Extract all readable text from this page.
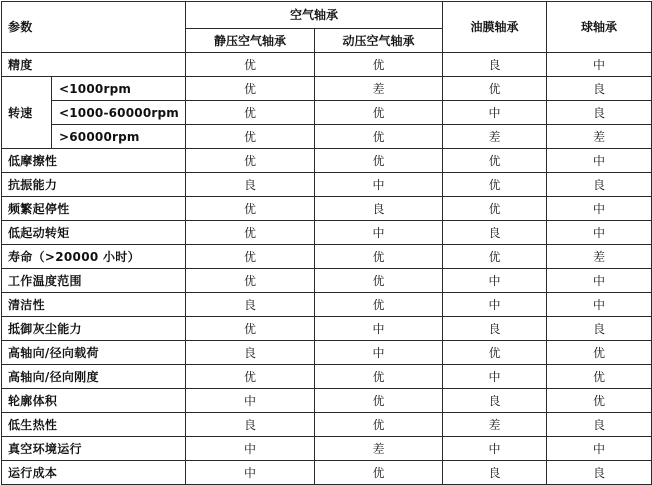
参数		空气轴承		油膜轴承	球轴承
		静压空气轴承	动压空气轴承		
精度		优	优	良	中
转速	<1000rpm	优	差	优	良
	<1000-60000rpm	优	优	中	良
	>60000rpm	优	优	差	差
低摩擦性		优	优	优	中
抗振能力		良	中	优	良
频繁起停性		优	良	优	中
低起动转矩		优	中	良	中
寿命（>20000 小时）		优	优	优	差
工作温度范围		优	优	中	中
清洁性		良	优	中	中
抵御灰尘能力		优	中	良	良
高轴向/径向载荷		良	中	优	优
高轴向/径向刚度		优	优	中	优
轮廓体积		中	优	良	优
低生热性		良	优	差	良
真空环境运行		中	差	中	中
运行成本		中	优	良	良
